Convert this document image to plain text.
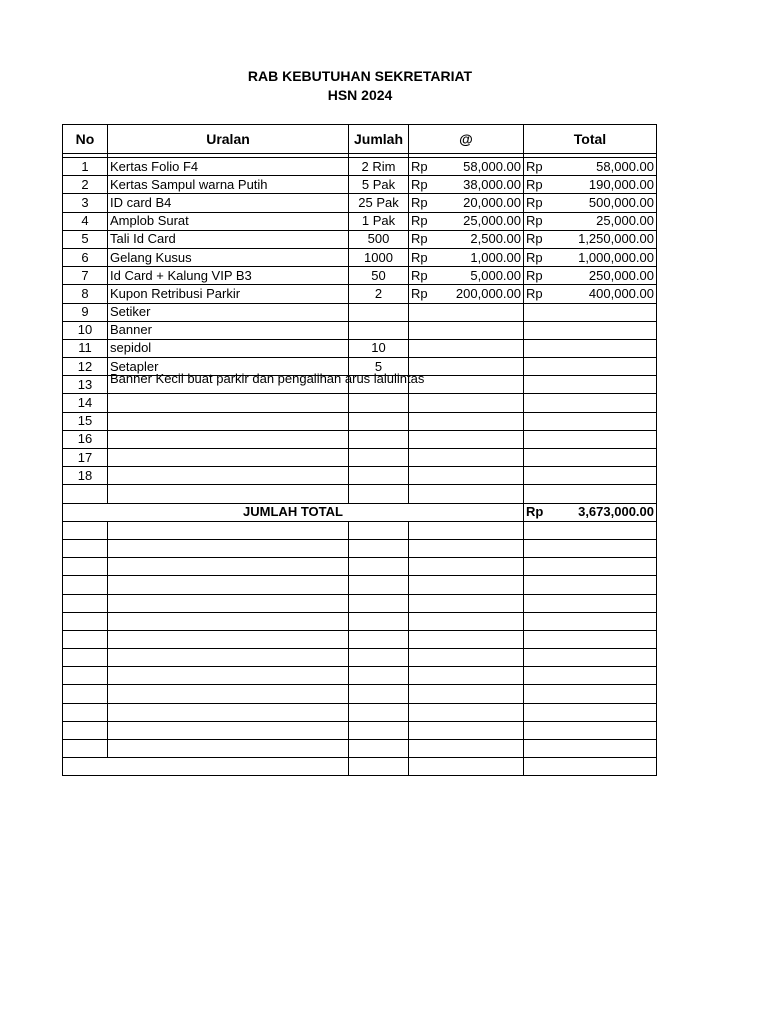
RAB KEBUTUHAN SEKRETARIAT
HSN 2024
No	Uralan	Jumlah	@	Total

1	Kertas Folio F4	2 Rim	Rp 58,000.00	Rp 58,000.00

2	Kertas Sampul warna Putih	5 Pak	Rp 38,000.00	Rp 190,000.00

3	ID card B4	25 Pak	Rp 20,000.00	Rp 500,000.00

4	Amplob Surat	1 Pak	Rp 25,000.00	Rp 25,000.00

5	Tali Id Card	500	Rp 2,500.00	Rp 1,250,000.00

6	Gelang Kusus	1000	Rp 1,000.00	Rp 1,000,000.00

7	Id Card + Kalung VIP B3	50	Rp 5,000.00	Rp 250,000.00

8	Kupon Retribusi Parkir	2	Rp 200,000.00	Rp 400,000.00

9	Setiker			
10	Banner			
11	sepidol	10		
12	Setapler	5		
13	Banner Kecil buat parkir dan pengalihan arus lalulintas			

14				
15				
16				
17				
18				

JUMLAH TOTAL				Rp 3,673,000.00
